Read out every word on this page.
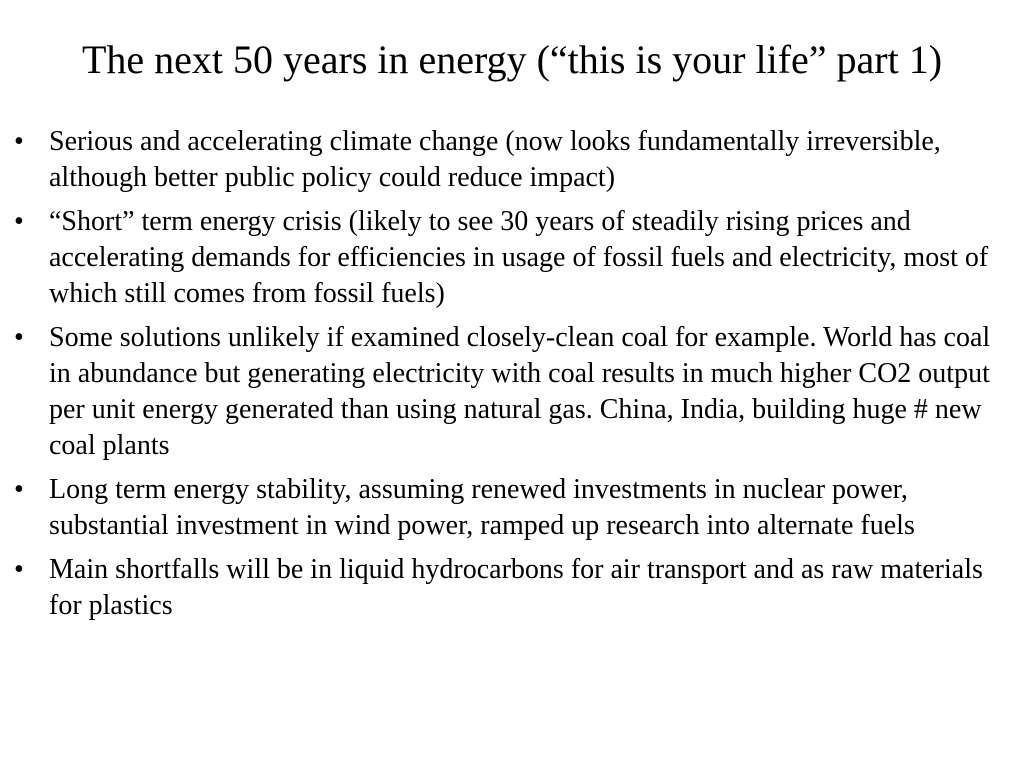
The next 50 years in energy (“this is your life” part 1)
• Serious and accelerating climate change (now looks fundamentally irreversible, although better public policy could reduce impact)
• “Short” term energy crisis (likely to see 30 years of steadily rising prices and accelerating demands for efficiencies in usage of fossil fuels and electricity, most of which still comes from fossil fuels)
• Some solutions unlikely if examined closely-clean coal for example. World has coal in abundance but generating electricity with coal results in much higher CO2 output per unit energy generated than using natural gas. China, India, building huge # new coal plants
• Long term energy stability, assuming renewed investments in nuclear power, substantial investment in wind power, ramped up research into alternate fuels
• Main shortfalls will be in liquid hydrocarbons for air transport and as raw materials for plastics
